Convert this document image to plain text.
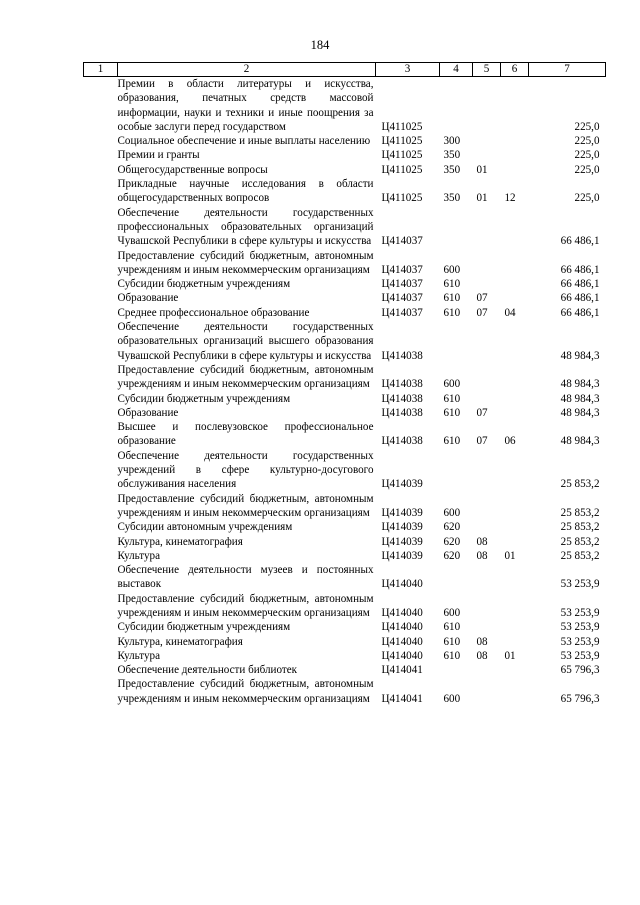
184
1	2	3	4	5	6	7
Премии в области литературы и искусства, образования, печатных средств массовой информации, науки и техники и иные поощрения за особые заслуги перед государством		Ц411025				225,0
Социальное обеспечение и иные выплаты населению		Ц411025	300			225,0
Премии и гранты		Ц411025	350			225,0
Общегосударственные вопросы		Ц411025	350	01		225,0
Прикладные научные исследования в области общегосударственных вопросов		Ц411025	350	01	12	225,0
Обеспечение деятельности государственных профессиональных образовательных организаций Чувашской Республики в сфере культуры и искусства		Ц414037				66 486,1
Предоставление субсидий бюджетным, автономным учреждениям и иным некоммерческим организациям		Ц414037	600			66 486,1
Субсидии бюджетным учреждениям		Ц414037	610			66 486,1
Образование		Ц414037	610	07		66 486,1
Среднее профессиональное образование		Ц414037	610	07	04	66 486,1
Обеспечение деятельности государственных образовательных организаций высшего образования Чувашской Республики в сфере культуры и искусства		Ц414038				48 984,3
Предоставление субсидий бюджетным, автономным учреждениям и иным некоммерческим организациям		Ц414038	600			48 984,3
Субсидии бюджетным учреждениям		Ц414038	610			48 984,3
Образование		Ц414038	610	07		48 984,3
Высшее и послевузовское профессиональное образование		Ц414038	610	07	06	48 984,3
Обеспечение деятельности государственных учреждений в сфере культурно-досугового обслуживания населения		Ц414039				25 853,2
Предоставление субсидий бюджетным, автономным учреждениям и иным некоммерческим организациям		Ц414039	600			25 853,2
Субсидии автономным учреждениям		Ц414039	620			25 853,2
Культура, кинематография		Ц414039	620	08		25 853,2
Культура		Ц414039	620	08	01	25 853,2
Обеспечение деятельности музеев и постоянных выставок		Ц414040				53 253,9
Предоставление субсидий бюджетным, автономным учреждениям и иным некоммерческим организациям		Ц414040	600			53 253,9
Субсидии бюджетным учреждениям		Ц414040	610			53 253,9
Культура, кинематография		Ц414040	610	08		53 253,9
Культура		Ц414040	610	08	01	53 253,9
Обеспечение деятельности библиотек		Ц414041				65 796,3
Предоставление субсидий бюджетным, автономным учреждениям и иным некоммерческим организациям		Ц414041	600			65 796,3
